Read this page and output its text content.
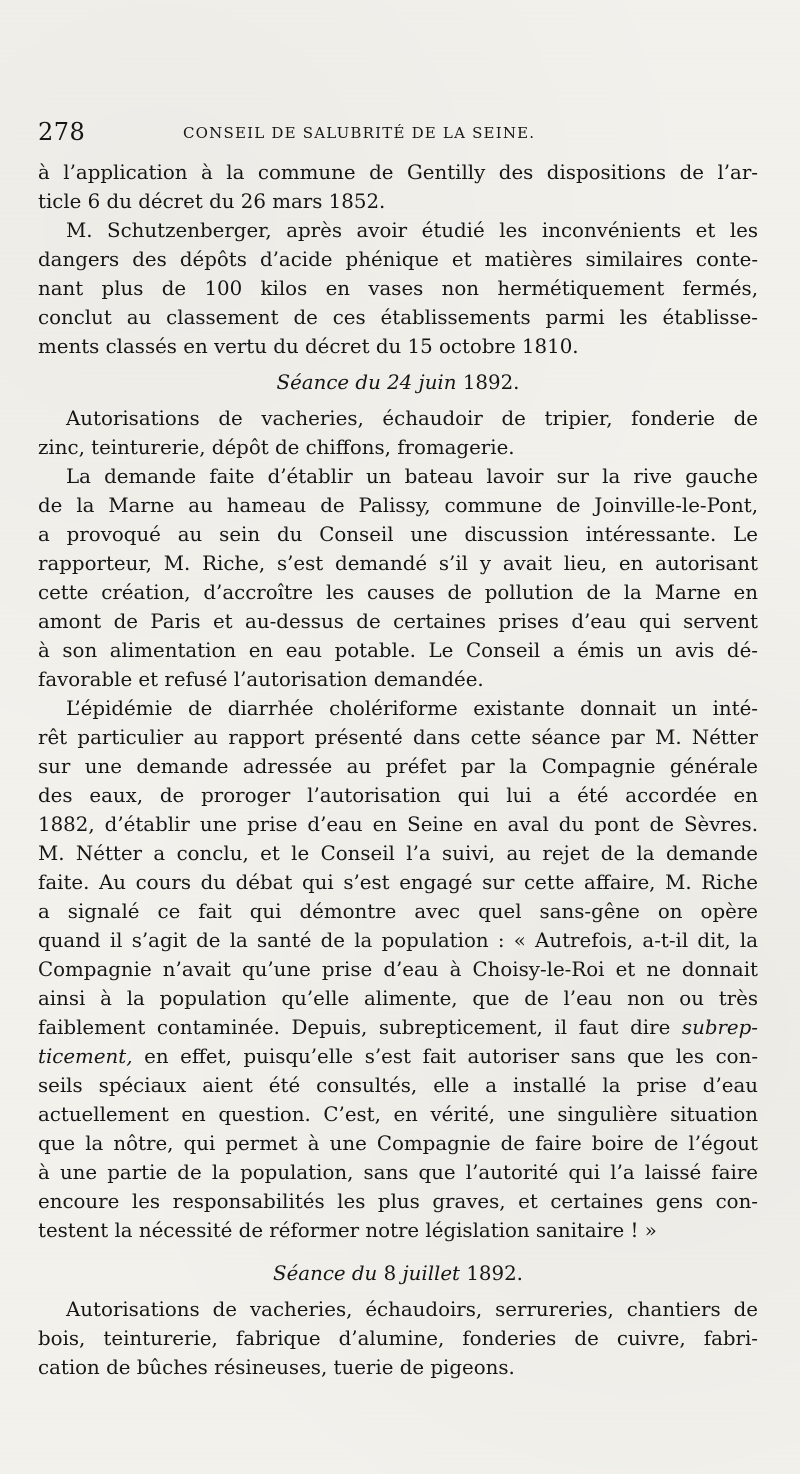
278	CONSEIL DE SALUBRITÉ DE LA SEINE.
à l’application à la commune de Gentilly des dispositions de l’ar-
ticle 6 du décret du 26 mars 1852.
M. Schutzenberger, après avoir étudié les inconvénients et les
dangers des dépôts d’acide phénique et matières similaires conte-
nant plus de 100 kilos en vases non hermétiquement fermés,
conclut au classement de ces établissements parmi les établisse-
ments classés en vertu du décret du 15 octobre 1810.
Séance du 24 juin 1892.
Autorisations de vacheries, échaudoir de tripier, fonderie de
zinc, teinturerie, dépôt de chiffons, fromagerie.
La demande faite d’établir un bateau lavoir sur la rive gauche
de la Marne au hameau de Palissy, commune de Joinville-le-Pont,
a provoqué au sein du Conseil une discussion intéressante. Le
rapporteur, M. Riche, s’est demandé s’il y avait lieu, en autorisant
cette création, d’accroître les causes de pollution de la Marne en
amont de Paris et au-dessus de certaines prises d’eau qui servent
à son alimentation en eau potable. Le Conseil a émis un avis dé-
favorable et refusé l’autorisation demandée.
L’épidémie de diarrhée cholériforme existante donnait un inté-
rêt particulier au rapport présenté dans cette séance par M. Nétter
sur une demande adressée au préfet par la Compagnie générale
des eaux, de proroger l’autorisation qui lui a été accordée en
1882, d’établir une prise d’eau en Seine en aval du pont de Sèvres.
M. Nétter a conclu, et le Conseil l’a suivi, au rejet de la demande
faite. Au cours du débat qui s’est engagé sur cette affaire, M. Riche
a signalé ce fait qui démontre avec quel sans-gêne on opère
quand il s’agit de la santé de la population : « Autrefois, a-t-il dit, la
Compagnie n’avait qu’une prise d’eau à Choisy-le-Roi et ne donnait
ainsi à la population qu’elle alimente, que de l’eau non ou très
faiblement contaminée. Depuis, subrepticement, il faut dire subrep-
ticement, en effet, puisqu’elle s’est fait autoriser sans que les con-
seils spéciaux aient été consultés, elle a installé la prise d’eau
actuellement en question. C’est, en vérité, une singulière situation
que la nôtre, qui permet à une Compagnie de faire boire de l’égout
à une partie de la population, sans que l’autorité qui l’a laissé faire
encoure les responsabilités les plus graves, et certaines gens con-
testent la nécessité de réformer notre législation sanitaire ! »
Séance du 8 juillet 1892.
Autorisations de vacheries, échaudoirs, serrureries, chantiers de
bois, teinturerie, fabrique d’alumine, fonderies de cuivre, fabri-
cation de bûches résineuses, tuerie de pigeons.
